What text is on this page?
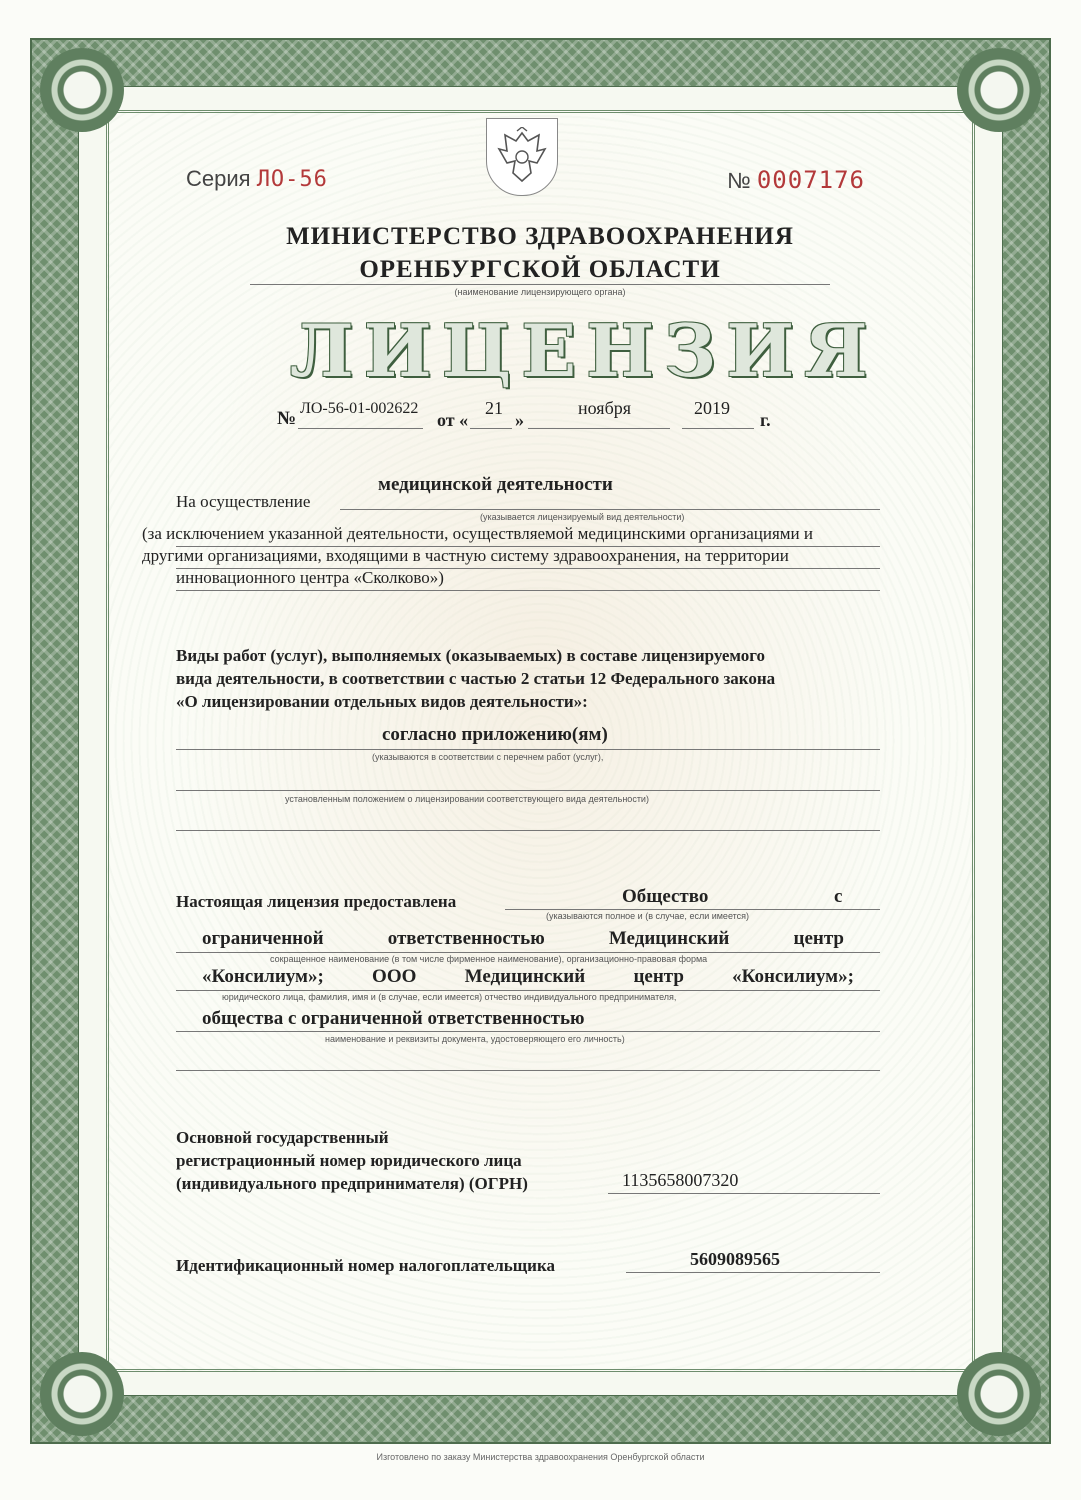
Серия ЛО-56	№ 0007176
МИНИСТЕРСТВО ЗДРАВООХРАНЕНИЯ
ОРЕНБУРГСКОЙ ОБЛАСТИ
(наименование лицензирующего органа)
ЛИЦЕНЗИЯ
№ ЛО-56-01-002622
от «
21
»
ноября	2019
г.
медицинской деятельности
На осуществление
(указывается лицензируемый вид деятельности)
(за исключением указанной деятельности, осуществляемой медицинскими организациями и
другими организациями, входящими в частную систему здравоохранения, на территории
инновационного центра «Сколково»)
Виды работ (услуг), выполняемых (оказываемых) в составе лицензируемого
вида деятельности, в соответствии с частью 2 статьи 12 Федерального закона
«О лицензировании отдельных видов деятельности»:
согласно приложению(ям)
(указываются в соответствии с перечнем работ (услуг),
установленным положением о лицензировании соответствующего вида деятельности)
Настоящая лицензия предоставлена	Общество	с
(указываются полное и (в случае, если имеется)
ограниченной	ответственностью	Медицинский	центр
сокращенное наименование (в том числе фирменное наименование), организационно-правовая форма
«Консилиум»;	ООО	Медицинский	центр	«Консилиум»;
юридического лица, фамилия, имя и (в случае, если имеется) отчество индивидуального предпринимателя,
общества с ограниченной ответственностью
наименование и реквизиты документа, удостоверяющего его личность)
Основной государственный
регистрационный номер юридического лица
(индивидуального предпринимателя) (ОГРН)	1135658007320
Идентификационный номер налогоплательщика	5609089565
Изготовлено по заказу Министерства здравоохранения Оренбургской области
